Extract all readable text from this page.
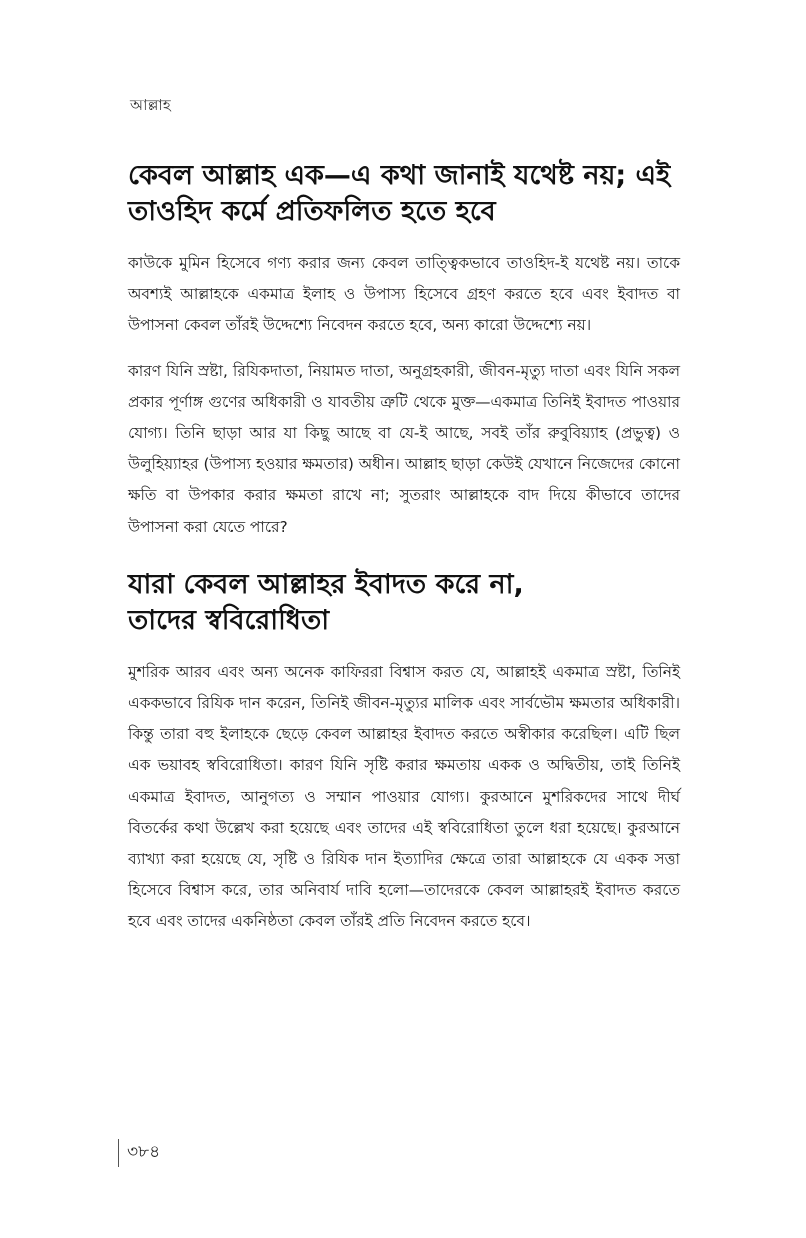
আল্লাহ
কেবল আল্লাহ এক—এ কথা জানাই যথেষ্ট নয়; এই
তাওহিদ কর্মে প্রতিফলিত হতে হবে

কাউকে মুমিন হিসেবে গণ্য করার জন্য কেবল তাত্ত্বিকভাবে তাওহিদ-ই যথেষ্ট নয়। তাকে অবশ্যই আল্লাহকে একমাত্র ইলাহ ও উপাস্য হিসেবে গ্রহণ করতে হবে এবং ইবাদত বা উপাসনা কেবল তাঁরই উদ্দেশ্যে নিবেদন করতে হবে, অন্য কারো উদ্দেশ্যে নয়।

কারণ যিনি স্রষ্টা, রিযিকদাতা, নিয়ামত দাতা, অনুগ্রহকারী, জীবন-মৃত্যু দাতা এবং যিনি সকল প্রকার পূর্ণাঙ্গ গুণের অধিকারী ও যাবতীয় ত্রুটি থেকে মুক্ত—একমাত্র তিনিই ইবাদত পাওয়ার যোগ্য। তিনি ছাড়া আর যা কিছু আছে বা যে-ই আছে, সবই তাঁর রুবুবিয়্যাহ (প্রভুত্ব) ও উলুহিয়্যাহর (উপাস্য হওয়ার ক্ষমতার) অধীন। আল্লাহ ছাড়া কেউই যেখানে নিজেদের কোনো ক্ষতি বা উপকার করার ক্ষমতা রাখে না; সুতরাং আল্লাহকে বাদ দিয়ে কীভাবে তাদের উপাসনা করা যেতে পারে?

যারা কেবল আল্লাহর ইবাদত করে না,
তাদের স্ববিরোধিতা

মুশরিক আরব এবং অন্য অনেক কাফিররা বিশ্বাস করত যে, আল্লাহই একমাত্র স্রষ্টা, তিনিই এককভাবে রিযিক দান করেন, তিনিই জীবন-মৃত্যুর মালিক এবং সার্বভৌম ক্ষমতার অধিকারী। কিন্তু তারা বহু ইলাহকে ছেড়ে কেবল আল্লাহর ইবাদত করতে অস্বীকার করেছিল। এটি ছিল এক ভয়াবহ স্ববিরোধিতা। কারণ যিনি সৃষ্টি করার ক্ষমতায় একক ও অদ্বিতীয়, তাই তিনিই একমাত্র ইবাদত, আনুগত্য ও সম্মান পাওয়ার যোগ্য। কুরআনে মুশরিকদের সাথে দীর্ঘ বিতর্কের কথা উল্লেখ করা হয়েছে এবং তাদের এই স্ববিরোধিতা তুলে ধরা হয়েছে। কুরআনে ব্যাখ্যা করা হয়েছে যে, সৃষ্টি ও রিযিক দান ইত্যাদির ক্ষেত্রে তারা আল্লাহকে যে একক সত্তা হিসেবে বিশ্বাস করে, তার অনিবার্য দাবি হলো—তাদেরকে কেবল আল্লাহরই ইবাদত করতে হবে এবং তাদের একনিষ্ঠতা কেবল তাঁরই প্রতি নিবেদন করতে হবে।

৩৮৪
